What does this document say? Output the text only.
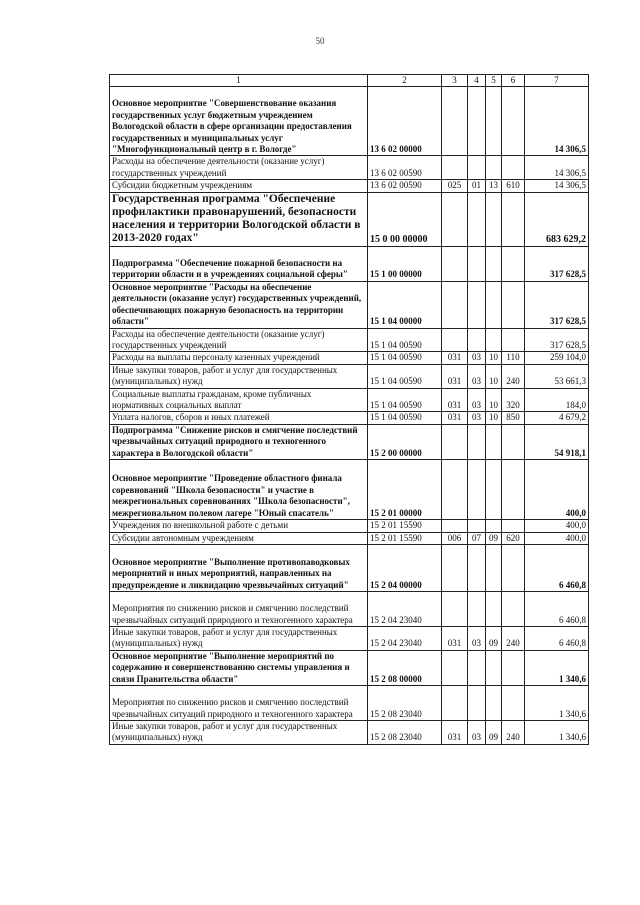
50
1	2	3	4	5	6	7
Основное мероприятие "Совершенствование оказания государственных услуг бюджетным учреждением Вологодской области в сфере организации предоставления государственных и муниципальных услуг "Многофункциональный центр в г. Вологде"	13 6 02 00000					14 306,5
Расходы на обеспечение деятельности (оказание услуг) государственных учреждений	13 6 02 00590					14 306,5
Субсидии бюджетным учреждениям	13 6 02 00590	025	01	13	610	14 306,5
Государственная программа "Обеспечение профилактики правонарушений, безопасности населения и территории Вологодской области в 2013-2020 годах"	15 0 00 00000					683 629,2
Подпрограмма "Обеспечение пожарной безопасности на территории области и в учреждениях социальной сферы"	15 1 00 00000					317 628,5
Основное мероприятие "Расходы на обеспечение деятельности (оказание услуг) государственных учреждений, обеспечивающих пожарную безопасность на территории области"	15 1 04 00000					317 628,5
Расходы на обеспечение деятельности (оказание услуг) государственных учреждений	15 1 04 00590					317 628,5
Расходы на выплаты персоналу казенных учреждений	15 1 04 00590	031	03	10	110	259 104,0
Иные закупки товаров, работ и услуг для государственных (муниципальных) нужд	15 1 04 00590	031	03	10	240	53 661,3
Социальные выплаты гражданам, кроме публичных нормативных социальных выплат	15 1 04 00590	031	03	10	320	184,0
Уплата налогов, сборов и иных платежей	15 1 04 00590	031	03	10	850	4 679,2
Подпрограмма "Снижение рисков и смягчение последствий чрезвычайных ситуаций природного и техногенного характера в Вологодской области"	15 2 00 00000					54 918,1
Основное мероприятие "Проведение областного финала соревнований "Школа безопасности" и участие в межрегиональных соревнованиях "Школа безопасности", межрегиональном полевом лагере "Юный спасатель"	15 2 01 00000					400,0
Учреждения по внешкольной работе с детьми	15 2 01 15590					400,0
Субсидии автономным учреждениям	15 2 01 15590	006	07	09	620	400,0
Основное мероприятие "Выполнение противопаводковых мероприятий и иных мероприятий, направленных на предупреждение и ликвидацию чрезвычайных ситуаций"	15 2 04 00000					6 460,8
Мероприятия по снижению рисков и смягчению последствий чрезвычайных ситуаций природного и техногенного характера	15 2 04 23040					6 460,8
Иные закупки товаров, работ и услуг для государственных (муниципальных) нужд	15 2 04 23040	031	03	09	240	6 460,8
Основное мероприятие "Выполнение мероприятий по содержанию и совершенствованию системы управления и связи Правительства области"	15 2 08 00000					1 340,6
Мероприятия по снижению рисков и смягчению последствий чрезвычайных ситуаций природного и техногенного характера	15 2 08 23040					1 340,6
Иные закупки товаров, работ и услуг для государственных (муниципальных) нужд	15 2 08 23040	031	03	09	240	1 340,6
